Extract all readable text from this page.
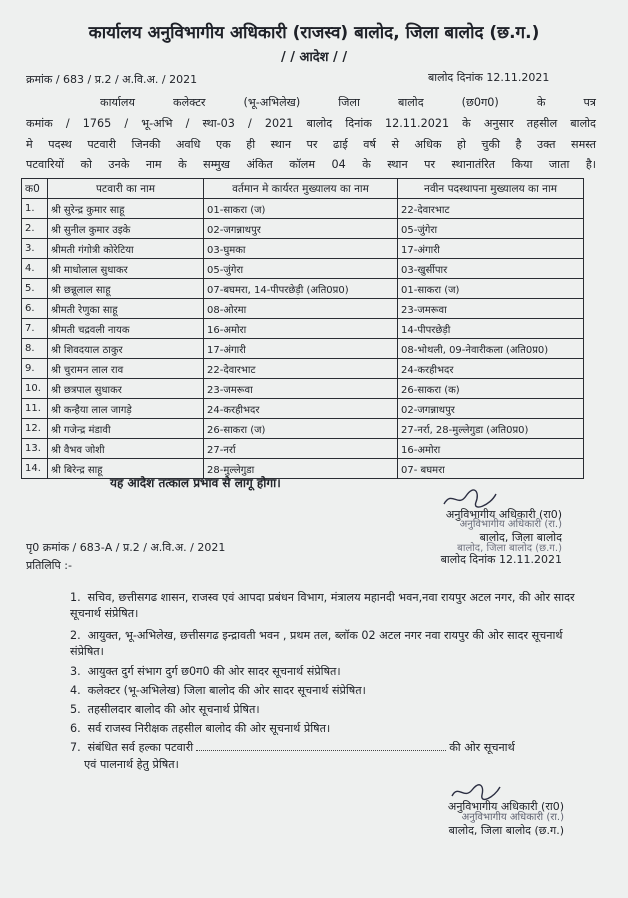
कार्यालय अनुविभागीय अधिकारी (राजस्व) बालोद, जिला बालोद (छ.ग.)
/ / आदेश / /
क्रमांक / 683 / प्र.2 / अ.वि.अ. / 2021	बालोद दिनांक 12.11.2021
कार्यालय कलेक्टर (भू-अभिलेख) जिला बालोद (छ0ग0) के पत्र
कमांक / 1765 / भू-अभि / स्था-03 / 2021 बालोद दिनांक 12.11.2021 के अनुसार तहसील बालोद
मे पदस्थ पटवारी जिनकी अवधि एक ही स्थान पर ढाई वर्ष से अधिक हो चुकी है उक्त समस्त
पटवारियों को उनके नाम के सम्मुख अंकित कॉलम 04 के स्थान पर स्थानातंरित किया जाता है।
क0	पटवारी का नाम	वर्तमान मे कार्यरत मुख्यालय का नाम	नवीन पदस्थापना मुख्यालय का नाम
1.	श्री सुरेन्द्र कुमार साहू	01-साकरा (ज)	22-देवारभाट
2.	श्री सुनील कुमार उइके	02-जगन्नाथपुर	05-जुंगेरा
3.	श्रीमती गंगोत्री कोरेटिया	03-घुमका	17-अंगारी
4.	श्री माधोलाल सुधाकर	05-जुंगेरा	03-खुर्सीपार
5.	श्री छन्नूलाल साहू	07-बघमरा, 14-पीपरछेड़ी (अति0प्र0)	01-साकरा (ज)
6.	श्रीमती रेणुका साहू	08-ओरमा	23-जमरूवा
7.	श्रीमती चद्रवली नायक	16-अमोरा	14-पीपरछेड़ी
8.	श्री शिवदयाल ठाकुर	17-अंगारी	08-भोथली, 09-नेवारीकला (अति0प्र0)
9.	श्री चुरामन लाल राव	22-देवारभाट	24-करहीभदर
10.	श्री छत्रपाल सुधाकर	23-जमरूवा	26-साकरा (क)
11.	श्री कन्हैया लाल जागड़े	24-करहीभदर	02-जगन्नाथपुर
12.	श्री गजेन्द्र मंडावी	26-साकरा (ज)	27-नर्रा, 28-मुल्लेगुडा (अति0प्र0)
13.	श्री वैभव जोशी	27-नर्रा	16-अमोरा
14.	श्री बिरेन्द्र साहू	28-मुल्लेगुडा	07- बघमरा
यह आदेश तत्काल प्रभाव से लागू होगा।
अनुविभागीय अधिकारी (रा0)
अनुविभागीय अधिकारी (रा.)
बालोद, जिला बालोद
बालोद, जिला बालोद (छ.ग.)
बालोद दिनांक 12.11.2021
पृ0 क्रमांक / 683-A / प्र.2 / अ.वि.अ. / 2021
प्रतिलिपि :-
1. सचिव, छत्तीसगढ शासन, राजस्व एवं आपदा प्रबंधन विभाग, मंत्रालय महानदी भवन,नवा रायपुर अटल नगर, की ओर सादर सूचनार्थ संप्रेषित।
2. आयुक्त, भू-अभिलेख, छत्तीसगढ इन्द्रावती भवन , प्रथम तल, ब्लॉक 02 अटल नगर नवा रायपुर की ओर सादर सूचनार्थ संप्रेषित।
3. आयुक्त दुर्ग संभाग दुर्ग छ0ग0 की ओर सादर सूचनार्थ संप्रेषित।
4. कलेक्टर (भू-अभिलेख) जिला बालोद की ओर सादर सूचनार्थ संप्रेषित।
5. तहसीलदार बालोद की ओर सूचनार्थ प्रेषित।
6. सर्व राजस्व निरीक्षक तहसील बालोद की ओर सूचनार्थ प्रेषित।
7. संबंधित सर्व हल्का पटवारी	की ओर सूचनार्थ
एवं पालनार्थ हेतु प्रेषित।
अनुविभागीय अधिकारी (रा0)
अनुविभागीय अधिकारी (रा.)
बालोद, जिला बालोद (छ.ग.)
